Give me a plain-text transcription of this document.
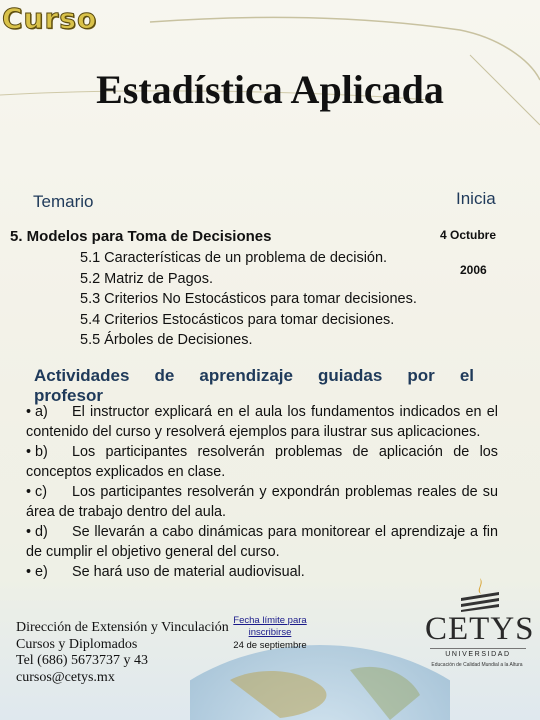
Curso
Estadística Aplicada
Temario	Inicia
4 Octubre
2006
5. Modelos para Toma de Decisiones
5.1 Características de un problema de decisión.
5.2 Matriz de Pagos.
5.3 Criterios No Estocásticos para tomar decisiones.
5.4 Criterios Estocásticos para tomar decisiones.
5.5 Árboles de Decisiones.
Actividades de aprendizaje guiadas por el
profesor
• a) El instructor explicará en el aula los fundamentos indicados en el contenido del curso y resolverá ejemplos para ilustrar sus aplicaciones.
• b) Los participantes resolverán problemas de aplicación de los conceptos explicados en clase.
• c) Los participantes resolverán y expondrán problemas reales de su área de trabajo dentro del aula.
• d) Se llevarán a cabo dinámicas para monitorear el aprendizaje a fin de cumplir el objetivo general del curso.
• e) Se hará uso de material audiovisual.
Dirección de Extensión y Vinculación
Cursos y Diplomados
Tel (686) 5673737 y 43
cursos@cetys.mx
Fecha límite para
inscribirse
24 de septiembre	CETYS
UNIVERSIDAD
Educación de Calidad Mundial a la Altura
